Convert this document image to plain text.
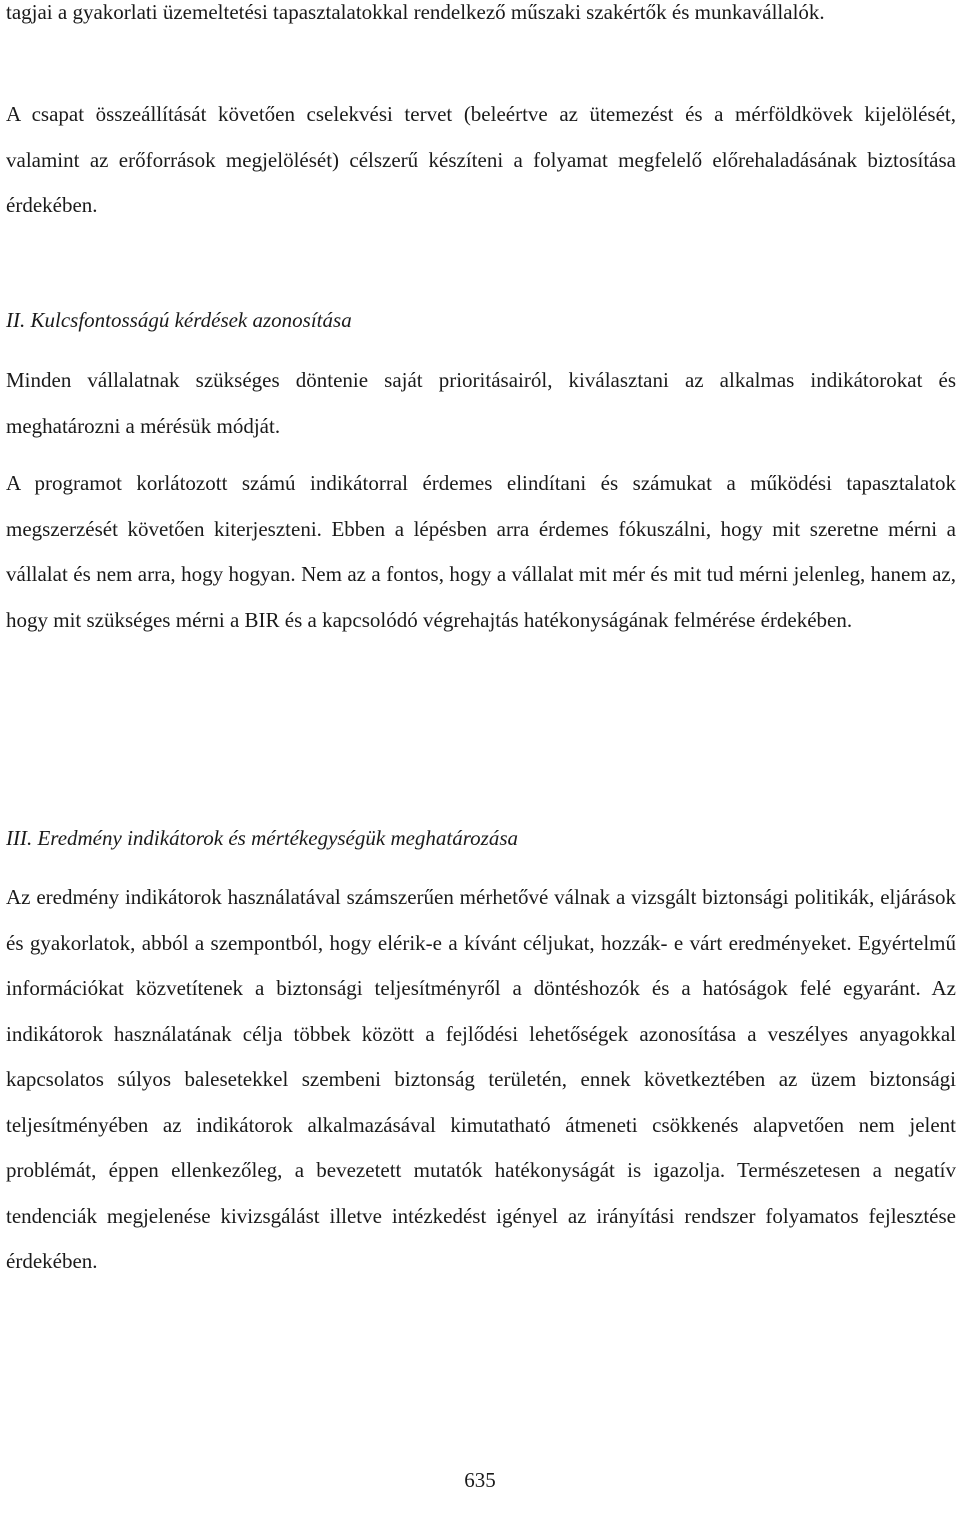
tagjai a gyakorlati üzemeltetési tapasztalatokkal rendelkező műszaki szakértők és munkavállalók.

A csapat összeállítását követően cselekvési tervet (beleértve az ütemezést és a mérföldkövek kijelölését, valamint az erőforrások megjelölését) célszerű készíteni a folyamat megfelelő előrehaladásának biztosítása érdekében.

II. Kulcsfontosságú kérdések azonosítása

Minden vállalatnak szükséges döntenie saját prioritásairól, kiválasztani az alkalmas indikátorokat és meghatározni a mérésük módját.

A programot korlátozott számú indikátorral érdemes elindítani és számukat a működési tapasztalatok megszerzését követően kiterjeszteni. Ebben a lépésben arra érdemes fókuszálni, hogy mit szeretne mérni a vállalat és nem arra, hogy hogyan. Nem az a fontos, hogy a vállalat mit mér és mit tud mérni jelenleg, hanem az, hogy mit szükséges mérni a BIR és a kapcsolódó végrehajtás hatékonyságának felmérése érdekében.

III. Eredmény indikátorok és mértékegységük meghatározása

Az eredmény indikátorok használatával számszerűen mérhetővé válnak a vizsgált biztonsági politikák, eljárások és gyakorlatok, abból a szempontból, hogy elérik-e a kívánt céljukat, hozzák- e várt eredményeket. Egyértelmű információkat közvetítenek a biztonsági teljesítményről a döntéshozók és a hatóságok felé egyaránt. Az indikátorok használatának célja többek között a fejlődési lehetőségek azonosítása a veszélyes anyagokkal kapcsolatos súlyos balesetekkel szembeni biztonság területén, ennek következtében az üzem biztonsági teljesítményében az indikátorok alkalmazásával kimutatható átmeneti csökkenés alapvetően nem jelent problémát, éppen ellenkezőleg, a bevezetett mutatók hatékonyságát is igazolja. Természetesen a negatív tendenciák megjelenése kivizsgálást illetve intézkedést igényel az irányítási rendszer folyamatos fejlesztése érdekében.

635
